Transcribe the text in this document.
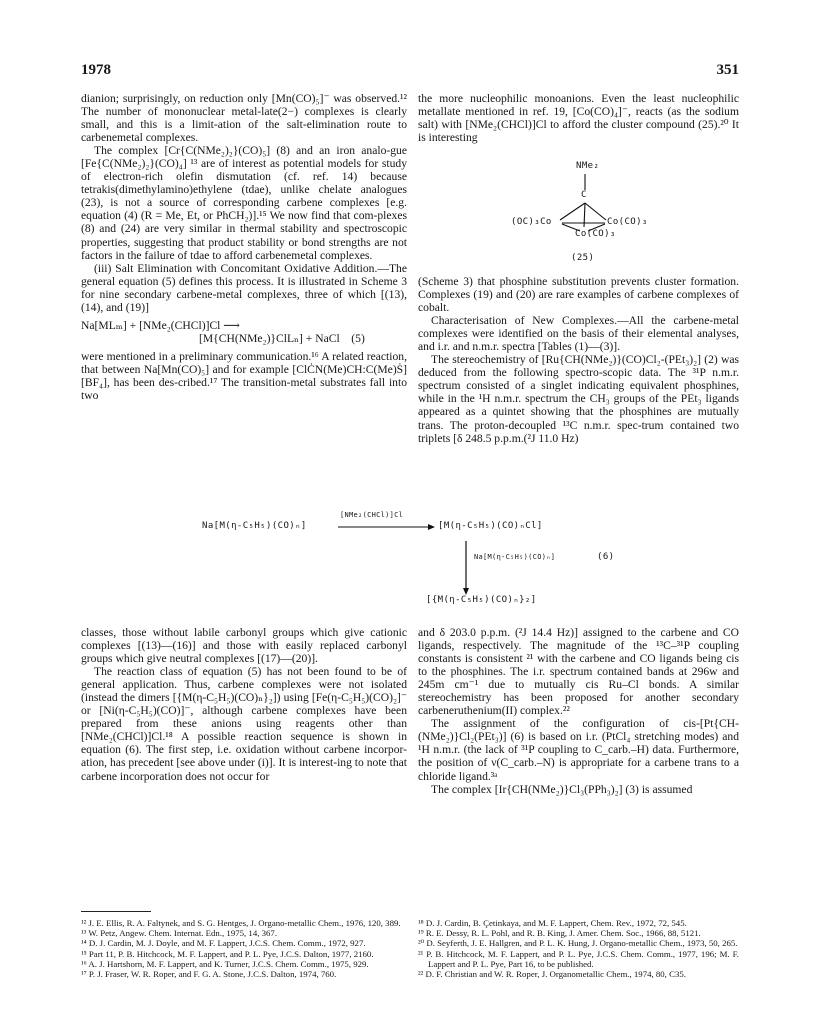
1978	351

dianion; surprisingly, on reduction only [Mn(CO)₅]⁻ was observed.¹² The number of mononuclear metal-late(2−) complexes is clearly small, and this is a limit-ation of the salt-elimination route to carbenemetal complexes.

The complex [Cr{C(NMe₂)₂}(CO)₅] (8) and an iron analo-gue [Fe{C(NMe₂)₂}(CO)₄] ¹³ are of interest as potential models for study of electron-rich olefin dismutation (cf. ref. 14) because tetrakis(dimethylamino)ethylene (tdae), unlike chelate analogues (23), is not a source of corresponding carbene complexes [e.g. equation (4) (R = Me, Et, or PhCH₂)].¹⁵ We now find that com-plexes (8) and (24) are very similar in thermal stability and spectroscopic properties, suggesting that product stability or bond strengths are not factors in the failure of tdae to afford carbenemetal complexes.

(iii) Salt Elimination with Concomitant Oxidative Addition.—The general equation (5) defines this process. It is illustrated in Scheme 3 for nine secondary carbene-metal complexes, three of which [(13), (14), and (19)]

Na[MLₘ] + [NMe₂(CHCl)]Cl ⟶
[M{CH(NMe₂)}ClLₙ] + NaCl    (5)

were mentioned in a preliminary communication.¹⁶ A related reaction, that between Na[Mn(CO)₅] and for example [ClĊN(Me)CH:C(Me)Ṡ][BF₄], has been des-cribed.¹⁷ The transition-metal substrates fall into two

the more nucleophilic monoanions. Even the least nucleophilic metallate mentioned in ref. 19, [Co(CO)₄]⁻, reacts (as the sodium salt) with [NMe₂(CHCl)]Cl to afford the cluster compound (25).²⁰ It is interesting

NMe₂
C
(OC)₃Co	Co(CO)₃
Co(CO)₃
(25)

(Scheme 3) that phosphine substitution prevents cluster formation. Complexes (19) and (20) are rare examples of carbene complexes of cobalt.

Characterisation of New Complexes.—All the carbene-metal complexes were identified on the basis of their elemental analyses, and i.r. and n.m.r. spectra [Tables (1)—(3)].

The stereochemistry of [Ru{CH(NMe₂)}(CO)Cl₂-(PEt₃)₂] (2) was deduced from the following spectro-scopic data. The ³¹P n.m.r. spectrum consisted of a singlet indicating equivalent phosphines, while in the ¹H n.m.r. spectrum the CH₃ groups of the PEt₃ ligands appeared as a quintet showing that the phosphines are mutually trans. The proton-decoupled ¹³C n.m.r. spec-trum contained two triplets [δ 248.5 p.p.m.(²J 11.0 Hz)

Na[M(η-C₅H₅)(CO)ₙ]
[NMe₂(CHCl)]Cl
[M(η-C₅H₅)(CO)ₙCl]
Na[M(η-C₅H₅)(CO)ₙ]	(6)
[{M(η-C₅H₅)(CO)ₙ}₂]

classes, those without labile carbonyl groups which give cationic complexes [(13)—(16)] and those with easily replaced carbonyl groups which give neutral complexes [(17)—(20)].

The reaction class of equation (5) has not been found to be of general application. Thus, carbene complexes were not isolated (instead the dimers [{M(η-C₅H₅)(CO)ₙ}₂]) using [Fe(η-C₅H₅)(CO)₂]⁻ or [Ni(η-C₅H₅)(CO)]⁻, although carbene complexes have been prepared from these anions using reagents other than [NMe₂(CHCl)]Cl.¹⁸ A possible reaction sequence is shown in equation (6). The first step, i.e. oxidation without carbene incorpor-ation, has precedent [see above under (i)]. It is interest-ing to note that carbene incorporation does not occur for

and δ 203.0 p.p.m. (²J 14.4 Hz)] assigned to the carbene and CO ligands, respectively. The magnitude of the ¹³C–³¹P coupling constants is consistent ²¹ with the carbene and CO ligands being cis to the phosphines. The i.r. spectrum contained bands at 296w and 245m cm⁻¹ due to mutually cis Ru–Cl bonds. A similar stereochemistry has been proposed for another secondary carbeneruthenium(II) complex.²²

The assignment of the configuration of cis-[Pt{CH-(NMe₂)}Cl₂(PEt₃)] (6) is based on i.r. (PtCl₄ stretching modes) and ¹H n.m.r. (the lack of ³¹P coupling to C_carb.–H) data. Furthermore, the position of ν(C_carb.–N) is appropriate for a carbene trans to a chloride ligand.³ᵃ

The complex [Ir{CH(NMe₂)}Cl₃(PPh₃)₂] (3) is assumed

¹² J. E. Ellis, R. A. Faltynek, and S. G. Hentges, J. Organo-metallic Chem., 1976, 120, 389.

¹³ W. Petz, Angew. Chem. Internat. Edn., 1975, 14, 367.

¹⁴ D. J. Cardin, M. J. Doyle, and M. F. Lappert, J.C.S. Chem. Comm., 1972, 927.

¹⁵ Part 11, P. B. Hitchcock, M. F. Lappert, and P. L. Pye, J.C.S. Dalton, 1977, 2160.

¹⁶ A. J. Hartshorn, M. F. Lappert, and K. Turner, J.C.S. Chem. Comm., 1975, 929.

¹⁷ P. J. Fraser, W. R. Roper, and F. G. A. Stone, J.C.S. Dalton, 1974, 760.

¹⁸ D. J. Cardin, B. Çetinkaya, and M. F. Lappert, Chem. Rev., 1972, 72, 545.

¹⁹ R. E. Dessy, R. L. Pohl, and R. B. King, J. Amer. Chem. Soc., 1966, 88, 5121.

²⁰ D. Seyferth, J. E. Hallgren, and P. L. K. Hung, J. Organo-metallic Chem., 1973, 50, 265.

²¹ P. B. Hitchcock, M. F. Lappert, and P. L. Pye, J.C.S. Chem. Comm., 1977, 196; M. F. Lappert and P. L. Pye, Part 16, to be published.

²² D. F. Christian and W. R. Roper, J. Organometallic Chem., 1974, 80, C35.
